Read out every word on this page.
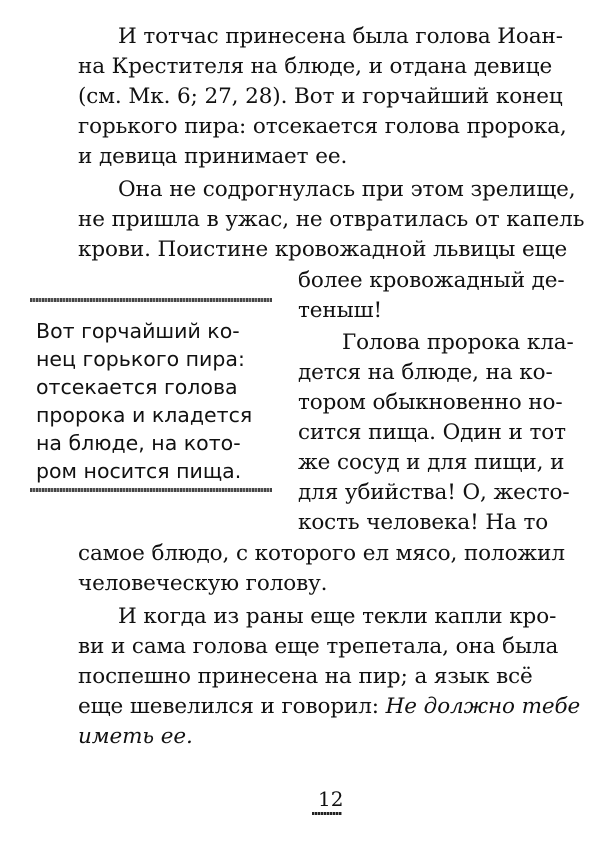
И тотчас принесена была голова Иоан-
на Крестителя на блюде, и отдана девице
(см. Мк. 6; 27, 28). Вот и горчайший конец
горького пира: отсекается голова пророка,
и девица принимает ее.
Она не содрогнулась при этом зрелище,
не пришла в ужас, не отвратилась от капель
крови. Поистине кровожадной львицы еще
более кровожадный де-
теныш!
Голова пророка кла-
дется на блюде, на ко-
тором обыкновенно но-
сится пища. Один и тот
же сосуд и для пищи, и
для убийства! О, жесто-
кость человека! На то
самое блюдо, с которого ел мясо, положил
человеческую голову.
И когда из раны еще текли капли кро-
ви и сама голова еще трепетала, она была
поспешно принесена на пир; а язык всё
еще шевелился и говорил: Не должно тебе
иметь ее.
Вот горчайший ко-
нец горького пира:
отсекается голова
пророка и кладется
на блюде, на кото-
ром носится пища.
12
